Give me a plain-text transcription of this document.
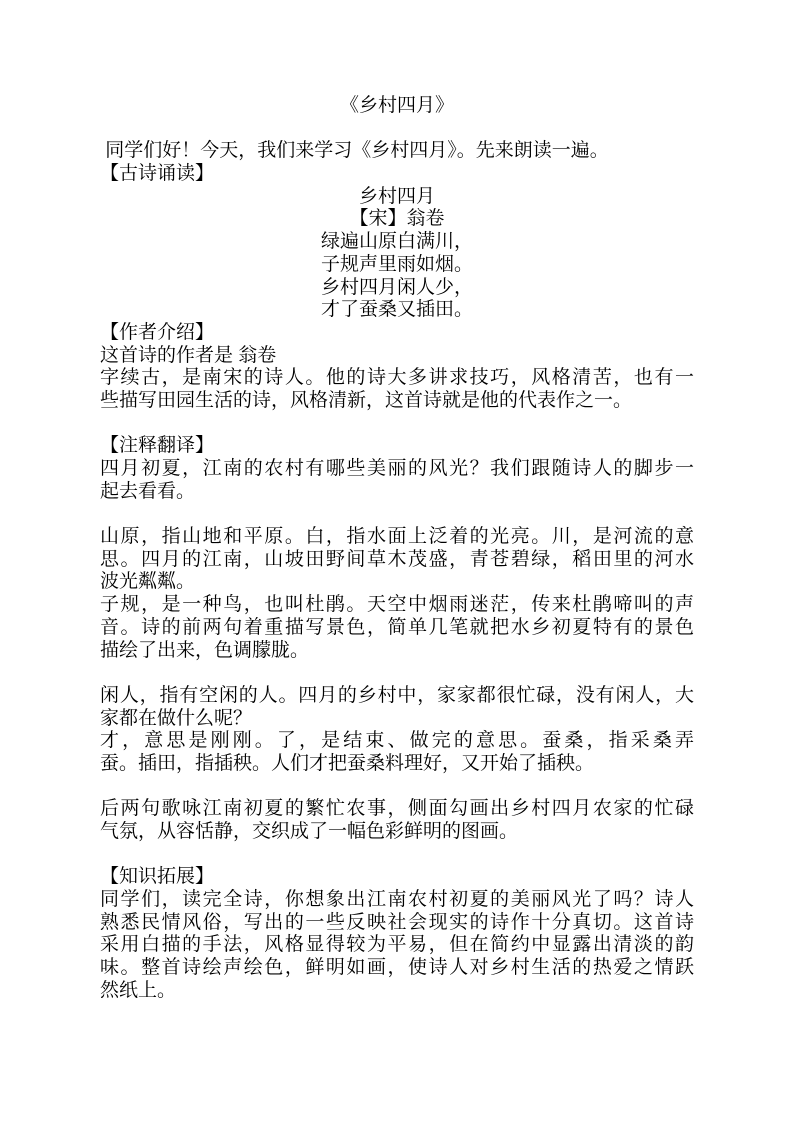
《乡村四月》
同学们好！今天，我们来学习《乡村四月》。先来朗读一遍。
【古诗诵读】
乡村四月
【宋】翁卷
绿遍山原白满川，
子规声里雨如烟。
乡村四月闲人少，
才了蚕桑又插田。
【作者介绍】
这首诗的作者是 翁卷
字续古，是南宋的诗人。他的诗大多讲求技巧，风格清苦，也有一
些描写田园生活的诗，风格清新，这首诗就是他的代表作之一。
【注释翻译】
四月初夏，江南的农村有哪些美丽的风光？我们跟随诗人的脚步一
起去看看。
山原，指山地和平原。白，指水面上泛着的光亮。川，是河流的意
思。四月的江南，山坡田野间草木茂盛，青苍碧绿，稻田里的河水
波光粼粼。
子规，是一种鸟，也叫杜鹃。天空中烟雨迷茫，传来杜鹃啼叫的声
音。诗的前两句着重描写景色，简单几笔就把水乡初夏特有的景色
描绘了出来，色调朦胧。
闲人，指有空闲的人。四月的乡村中，家家都很忙碌，没有闲人，大
家都在做什么呢？
才，意思是刚刚。了，是结束、做完的意思。蚕桑，指采桑弄
蚕。插田，指插秧。人们才把蚕桑料理好，又开始了插秧。
后两句歌咏江南初夏的繁忙农事，侧面勾画出乡村四月农家的忙碌
气氛，从容恬静，交织成了一幅色彩鲜明的图画。
【知识拓展】
同学们，读完全诗，你想象出江南农村初夏的美丽风光了吗？诗人
熟悉民情风俗，写出的一些反映社会现实的诗作十分真切。这首诗
采用白描的手法，风格显得较为平易，但在简约中显露出清淡的韵
味。整首诗绘声绘色，鲜明如画，使诗人对乡村生活的热爱之情跃
然纸上。
